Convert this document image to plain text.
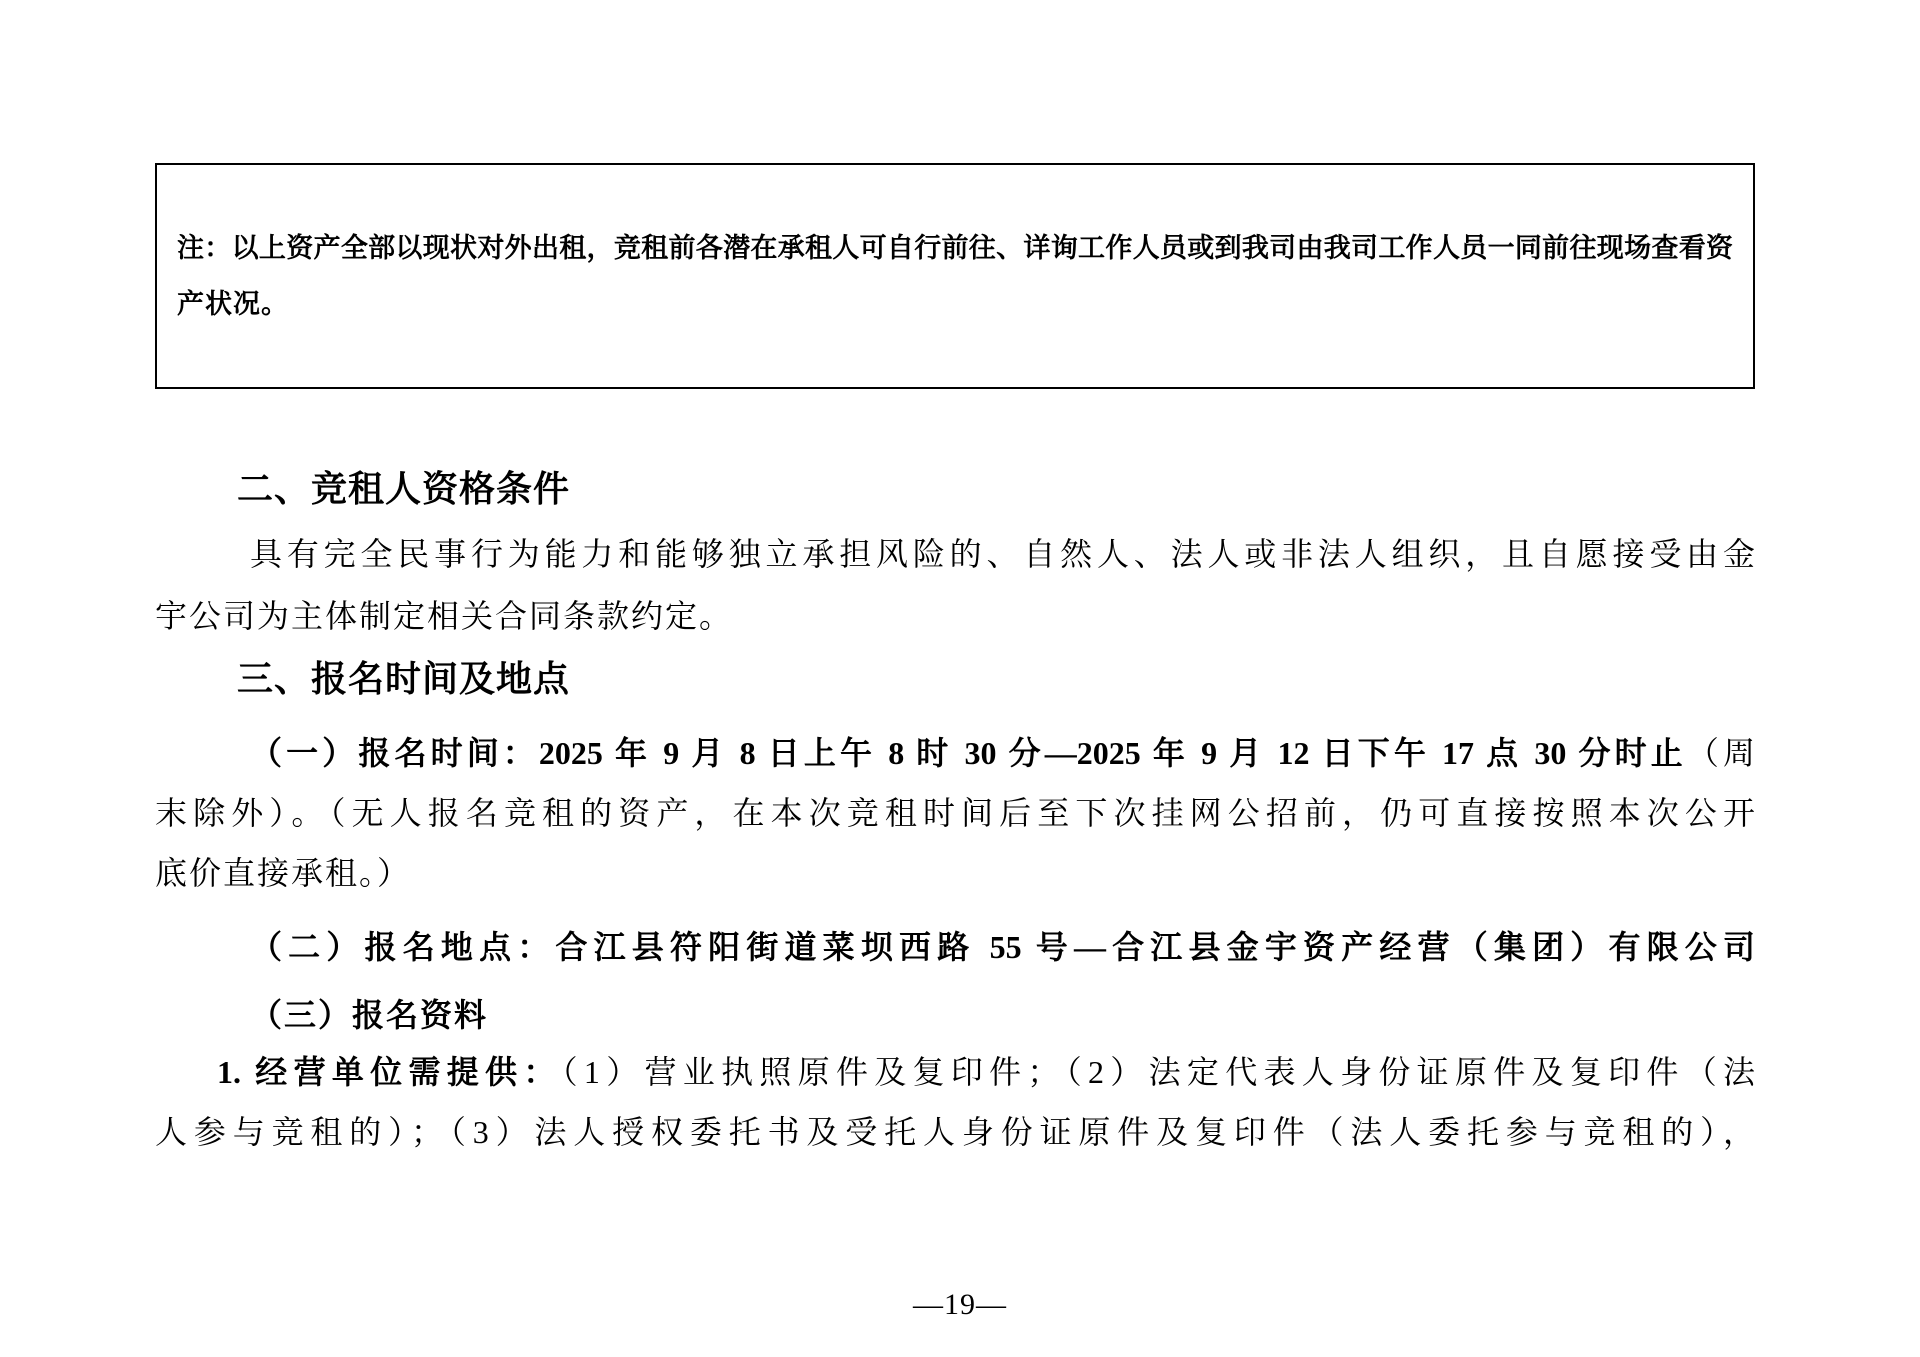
注：以上资产全部以现状对外出租，竞租前各潜在承租人可自行前往、详询工作人员或到我司由我司工作人员一同前往现场查看资
产状况。
二、竞租人资格条件
具有完全民事行为能力和能够独立承担风险的、自然人、法人或非法人组织，且自愿接受由金
宇公司为主体制定相关合同条款约定。
三、报名时间及地点
（一）报名时间：2025 年 9 月 8 日上午 8 时 30 分—2025 年 9 月 12 日下午 17 点 30 分时止（周
末除外）。（无人报名竞租的资产，在本次竞租时间后至下次挂网公招前，仍可直接按照本次公开
底价直接承租。）
（二）报名地点：合江县符阳街道菜坝西路 55 号—合江县金宇资产经营（集团）有限公司
（三）报名资料
1. 经营单位需提供：（1）营业执照原件及复印件；（2）法定代表人身份证原件及复印件（法
人参与竞租的）；（3）法人授权委托书及受托人身份证原件及复印件（法人委托参与竞租的），
—19—
